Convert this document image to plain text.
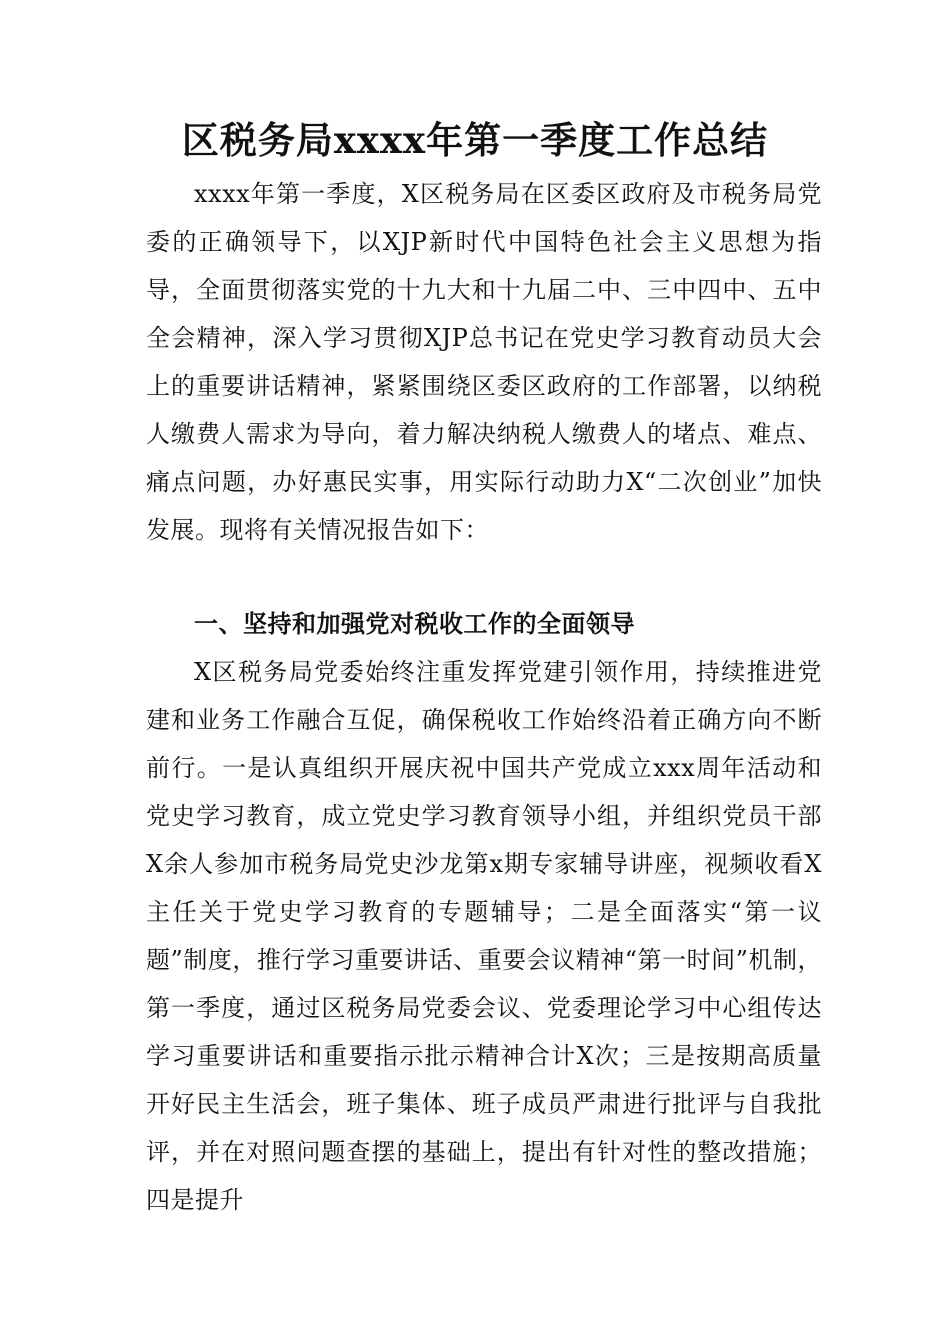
区税务局xxxx年第一季度工作总结

xxxx年第一季度，X区税务局在区委区政府及市税务局党委的正确领导下，以XJP新时代中国特色社会主义思想为指导，全面贯彻落实党的十九大和十九届二中、三中四中、五中全会精神，深入学习贯彻XJP总书记在党史学习教育动员大会上的重要讲话精神，紧紧围绕区委区政府的工作部署，以纳税人缴费人需求为导向，着力解决纳税人缴费人的堵点、难点、痛点问题，办好惠民实事，用实际行动助力X“二次创业”加快发展。现将有关情况报告如下：

一、坚持和加强党对税收工作的全面领导

X区税务局党委始终注重发挥党建引领作用，持续推进党建和业务工作融合互促，确保税收工作始终沿着正确方向不断前行。一是认真组织开展庆祝中国共产党成立xxx周年活动和党史学习教育，成立党史学习教育领导小组，并组织党员干部X余人参加市税务局党史沙龙第x期专家辅导讲座，视频收看X主任关于党史学习教育的专题辅导；二是全面落实“第一议题”制度，推行学习重要讲话、重要会议精神“第一时间”机制，第一季度，通过区税务局党委会议、党委理论学习中心组传达学习重要讲话和重要指示批示精神合计X次；三是按期高质量开好民主生活会，班子集体、班子成员严肃进行批评与自我批评，并在对照问题查摆的基础上，提出有针对性的整改措施；四是提升
